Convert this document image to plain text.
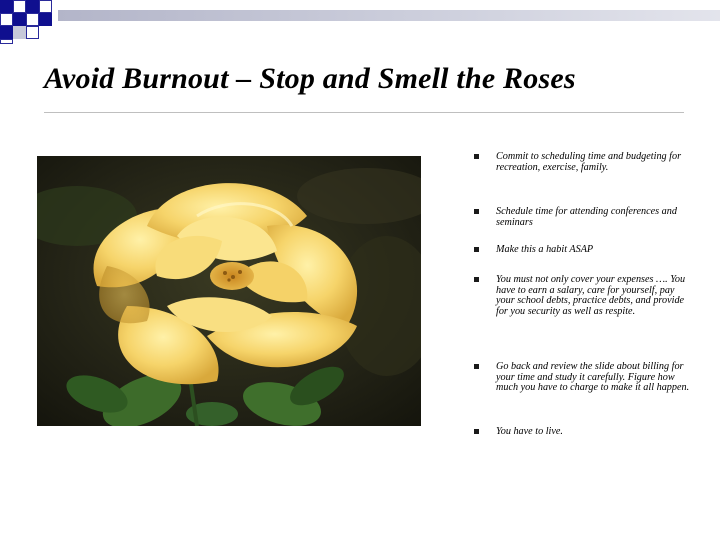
Avoid Burnout – Stop and Smell the Roses
Commit to scheduling time and budgeting for recreation, exercise, family.
Schedule time for attending conferences and seminars
Make this a habit ASAP
You must not only cover your expenses …. You have to earn a salary, care for yourself, pay your school debts, practice debts, and provide for you security as well as respite.
Go back and review the slide about billing for your time and study it carefully. Figure how much you have to charge to make it all happen.
You have to live.
